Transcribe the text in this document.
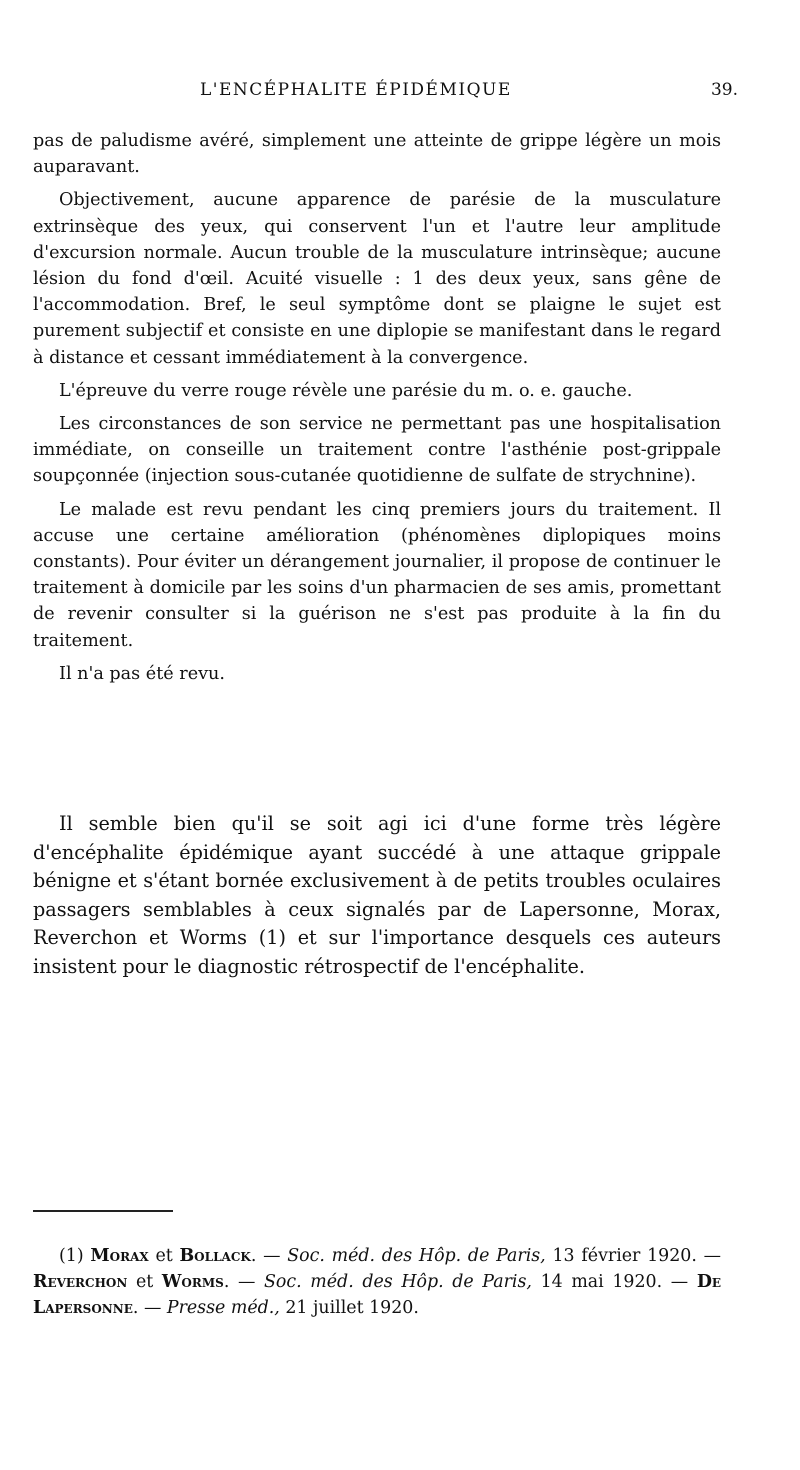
L'ENCÉPHALITE ÉPIDÉMIQUE	39.

pas de paludisme avéré, simplement une atteinte de grippe légère un mois auparavant.

Objectivement, aucune apparence de parésie de la musculature extrinsèque des yeux, qui conservent l'un et l'autre leur amplitude d'excursion normale. Aucun trouble de la musculature intrinsèque; aucune lésion du fond d'œil. Acuité visuelle : 1 des deux yeux, sans gêne de l'accommodation. Bref, le seul symptôme dont se plaigne le sujet est purement subjectif et consiste en une diplopie se manifestant dans le regard à distance et cessant immédiatement à la convergence.

L'épreuve du verre rouge révèle une parésie du m. o. e. gauche.

Les circonstances de son service ne permettant pas une hospitalisation immédiate, on conseille un traitement contre l'asthénie post-grippale soupçonnée (injection sous-cutanée quotidienne de sulfate de strychnine).

Le malade est revu pendant les cinq premiers jours du traitement. Il accuse une certaine amélioration (phénomènes diplopiques moins constants). Pour éviter un dérangement journalier, il propose de continuer le traitement à domicile par les soins d'un pharmacien de ses amis, promettant de revenir consulter si la guérison ne s'est pas produite à la fin du traitement.

Il n'a pas été revu.

Il semble bien qu'il se soit agi ici d'une forme très légère d'encéphalite épidémique ayant succédé à une attaque grippale bénigne et s'étant bornée exclusivement à de petits troubles oculaires passagers semblables à ceux signalés par de Lapersonne, Morax, Reverchon et Worms (1) et sur l'importance desquels ces auteurs insistent pour le diagnostic rétrospectif de l'encéphalite.

(1) Morax et Bollack. — Soc. méd. des Hôp. de Paris, 13 février 1920. — Reverchon et Worms. — Soc. méd. des Hôp. de Paris, 14 mai 1920. — De Lapersonne. — Presse méd., 21 juillet 1920.
